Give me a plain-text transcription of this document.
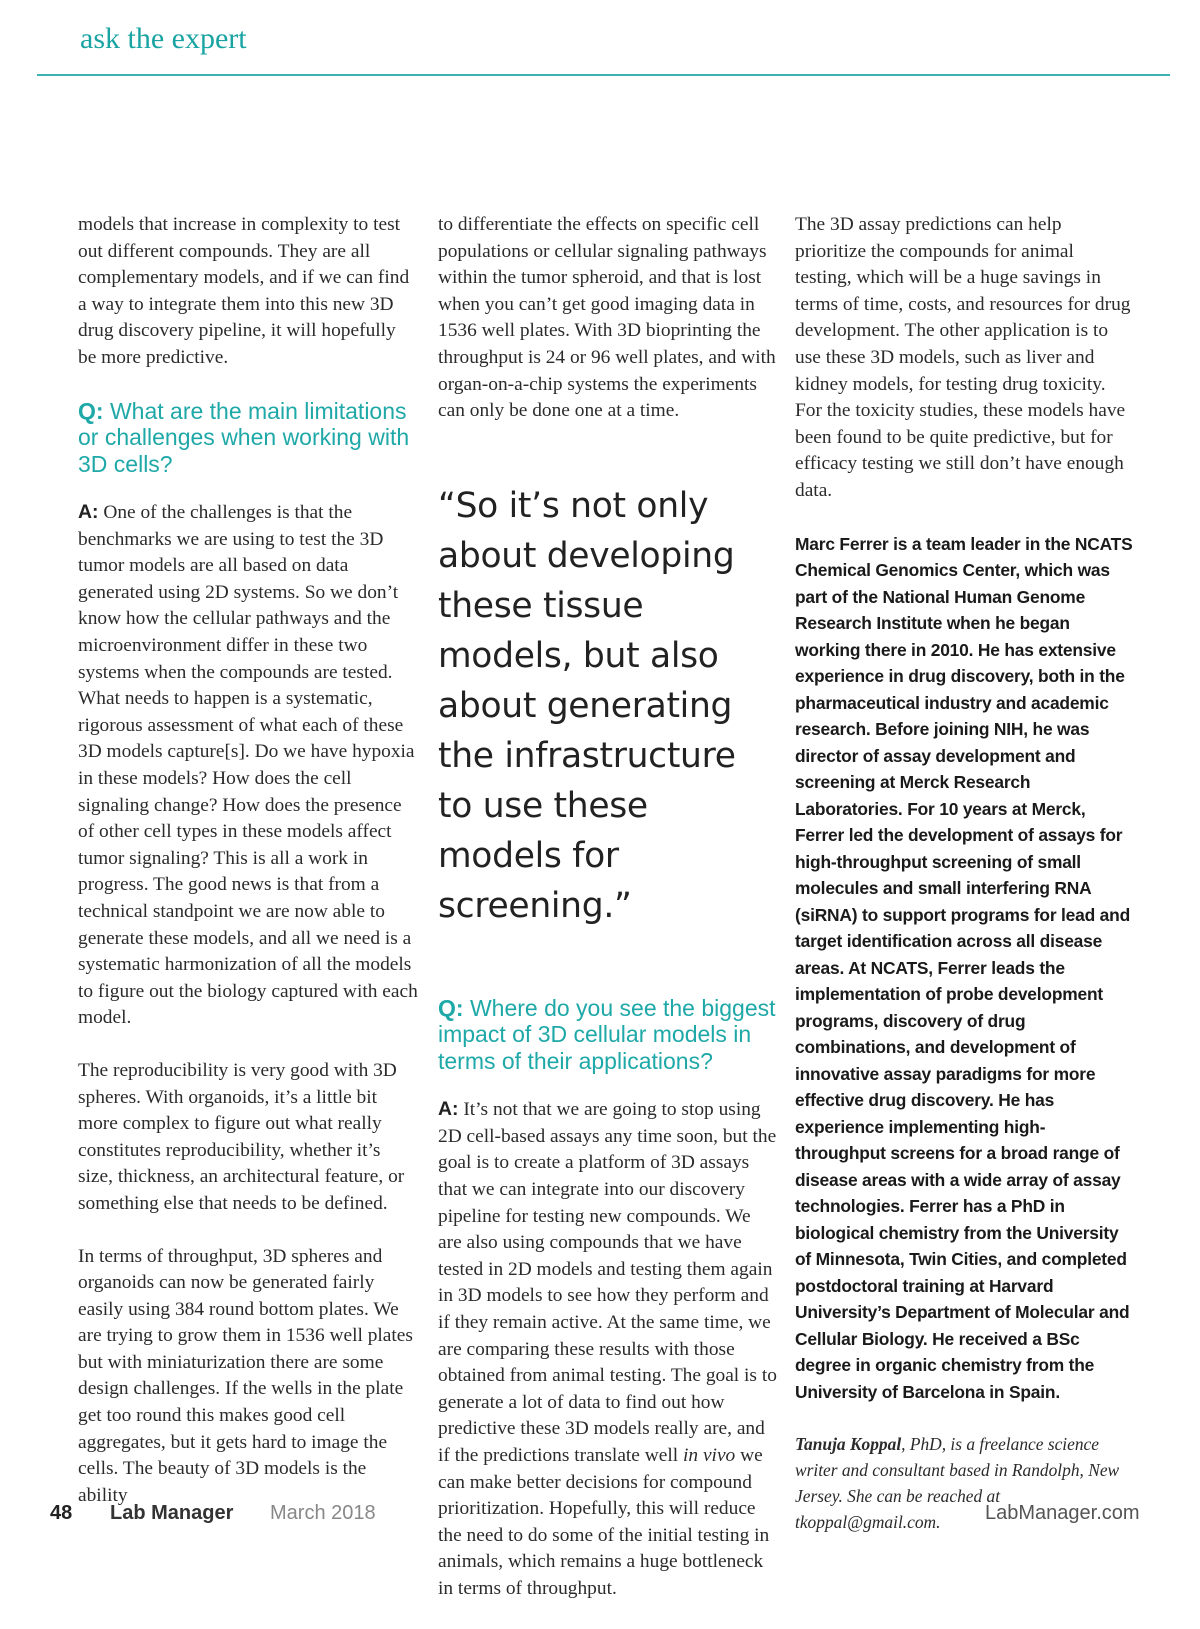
ask the expert

models that increase in complexity to test out different compounds. They are all complementary models, and if we can find a way to integrate them into this new 3D drug discovery pipeline, it will hopefully be more predictive.

Q: What are the main limitations or challenges when working with 3D cells?

A: One of the challenges is that the benchmarks we are using to test the 3D tumor models are all based on data generated using 2D systems. So we don’t know how the cellular pathways and the microenvironment differ in these two systems when the compounds are tested. What needs to happen is a systematic, rigorous assessment of what each of these 3D models capture[s]. Do we have hypoxia in these models? How does the cell signaling change? How does the presence of other cell types in these models affect tumor signaling? This is all a work in progress. The good news is that from a technical standpoint we are now able to generate these models, and all we need is a systematic harmonization of all the models to figure out the biology captured with each model.

The reproducibility is very good with 3D spheres. With organoids, it’s a little bit more complex to figure out what really constitutes reproducibility, whether it’s size, thickness, an architectural feature, or something else that needs to be defined.

In terms of throughput, 3D spheres and organoids can now be generated fairly easily using 384 round bottom plates. We are trying to grow them in 1536 well plates but with miniaturization there are some design challenges. If the wells in the plate get too round this makes good cell aggregates, but it gets hard to image the cells. The beauty of 3D models is the ability

to differentiate the effects on specific cell populations or cellular signaling pathways within the tumor spheroid, and that is lost when you can’t get good imaging data in 1536 well plates. With 3D bioprinting the throughput is 24 or 96 well plates, and with organ-on-a-chip systems the experiments can only be done one at a time.

“So it’s not only about developing these tissue models, but also about generating the infrastructure to use these models for screening.”
Q: Where do you see the biggest impact of 3D cellular models in terms of their applications?

A: It’s not that we are going to stop using 2D cell-based assays any time soon, but the goal is to create a platform of 3D assays that we can integrate into our discovery pipeline for testing new compounds. We are also using compounds that we have tested in 2D models and testing them again in 3D models to see how they perform and if they remain active. At the same time, we are comparing these results with those obtained from animal testing. The goal is to generate a lot of data to find out how predictive these 3D models really are, and if the predictions translate well in vivo we can make better decisions for compound prioritization. Hopefully, this will reduce the need to do some of the initial testing in animals, which remains a huge bottleneck in terms of throughput.

The 3D assay predictions can help prioritize the compounds for animal testing, which will be a huge savings in terms of time, costs, and resources for drug development. The other application is to use these 3D models, such as liver and kidney models, for testing drug toxicity. For the toxicity studies, these models have been found to be quite predictive, but for efficacy testing we still don’t have enough data.

Marc Ferrer is a team leader in the NCATS Chemical Genomics Center, which was part of the National Human Genome Research Institute when he began working there in 2010. He has extensive experience in drug discovery, both in the pharmaceutical industry and academic research. Before joining NIH, he was director of assay development and screening at Merck Research Laboratories. For 10 years at Merck, Ferrer led the development of assays for high-throughput screening of small molecules and small interfering RNA (siRNA) to support programs for lead and target identification across all disease areas. At NCATS, Ferrer leads the implementation of probe development programs, discovery of drug combinations, and development of innovative assay paradigms for more effective drug discovery. He has experience implementing high-throughput screens for a broad range of disease areas with a wide array of assay technologies. Ferrer has a PhD in biological chemistry from the University of Minnesota, Twin Cities, and completed postdoctoral training at Harvard University’s Department of Molecular and Cellular Biology. He received a BSc degree in organic chemistry from the University of Barcelona in Spain.

Tanuja Koppal, PhD, is a freelance science writer and consultant based in Randolph, New Jersey. She can be reached at tkoppal@gmail.com.

48 Lab Manager March 2018	LabManager.com
